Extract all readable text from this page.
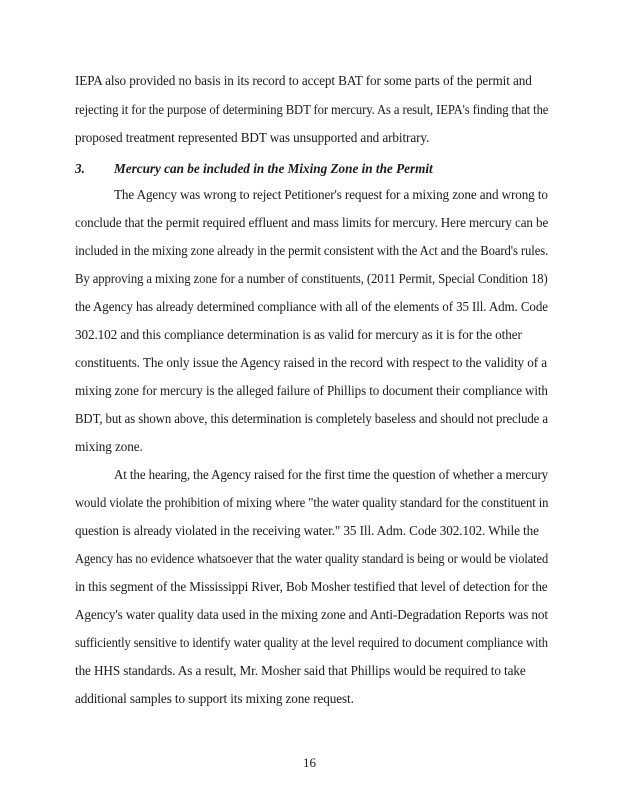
IEPA also provided no basis in its record to accept BAT for some parts of the permit and
rejecting it for the purpose of determining BDT for mercury. As a result, IEPA's finding that the
proposed treatment represented BDT was unsupported and arbitrary.
3. Mercury can be included in the Mixing Zone in the Permit
The Agency was wrong to reject Petitioner's request for a mixing zone and wrong to
conclude that the permit required effluent and mass limits for mercury. Here mercury can be
included in the mixing zone already in the permit consistent with the Act and the Board's rules.
By approving a mixing zone for a number of constituents, (2011 Permit, Special Condition 18)
the Agency has already determined compliance with all of the elements of 35 Ill. Adm. Code
302.102 and this compliance determination is as valid for mercury as it is for the other
constituents. The only issue the Agency raised in the record with respect to the validity of a
mixing zone for mercury is the alleged failure of Phillips to document their compliance with
BDT, but as shown above, this determination is completely baseless and should not preclude a
mixing zone.
At the hearing, the Agency raised for the first time the question of whether a mercury
would violate the prohibition of mixing where "the water quality standard for the constituent in
question is already violated in the receiving water." 35 Ill. Adm. Code 302.102. While the
Agency has no evidence whatsoever that the water quality standard is being or would be violated
in this segment of the Mississippi River, Bob Mosher testified that level of detection for the
Agency's water quality data used in the mixing zone and Anti-Degradation Reports was not
sufficiently sensitive to identify water quality at the level required to document compliance with
the HHS standards. As a result, Mr. Mosher said that Phillips would be required to take
additional samples to support its mixing zone request.
16
